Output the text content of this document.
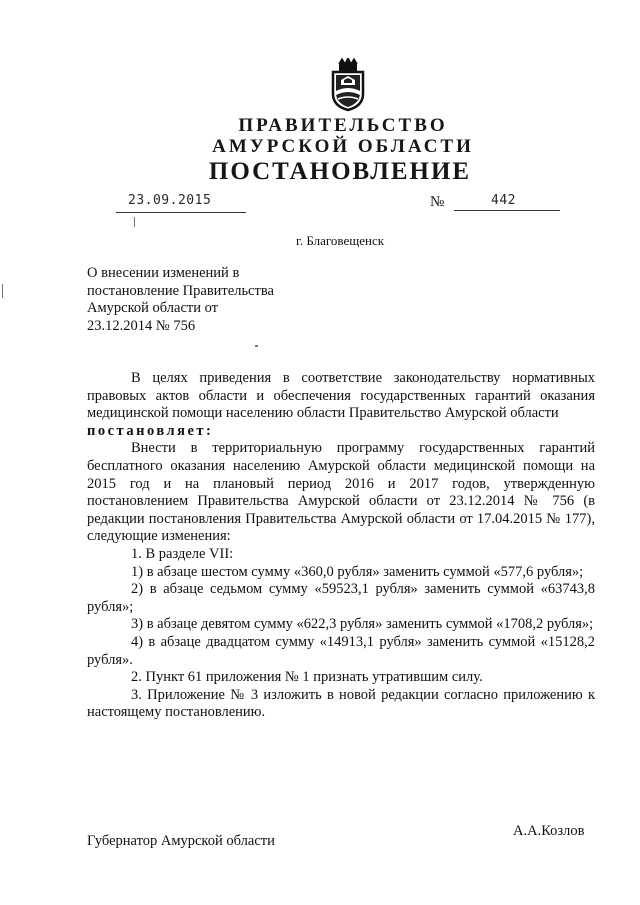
ПРАВИТЕЛЬСТВО
АМУРСКОЙ ОБЛАСТИ
ПОСТАНОВЛЕНИЕ
23.09.2015	№	442
г. Благовещенск
О внесении изменений в
постановление Правительства
Амурской области от
23.12.2014 № 756

В целях приведения в соответствие законодательству нормативных правовых актов области и обеспечения государственных гарантий оказания медицинской помощи населению области Правительство Амурской области

постановляет:

Внести в территориальную программу государственных гарантий бесплатного оказания населению Амурской области медицинской помощи на 2015 год и на плановый период 2016 и 2017 годов, утвержденную постановлением Правительства Амурской области от 23.12.2014 № 756 (в редакции постановления Правительства Амурской области от 17.04.2015 № 177), следующие изменения:

1. В разделе VII:

1) в абзаце шестом сумму «360,0 рубля» заменить суммой «577,6 рубля»;

2) в абзаце седьмом сумму «59523,1 рубля» заменить суммой «63743,8 рубля»;

3) в абзаце девятом сумму «622,3 рубля» заменить суммой «1708,2 рубля»;

4) в абзаце двадцатом сумму «14913,1 рубля» заменить суммой «15128,2 рубля».

2. Пункт 61 приложения № 1 признать утратившим силу.

3. Приложение № 3 изложить в новой редакции согласно приложению к настоящему постановлению.

Губернатор Амурской области
А.А.Козлов
